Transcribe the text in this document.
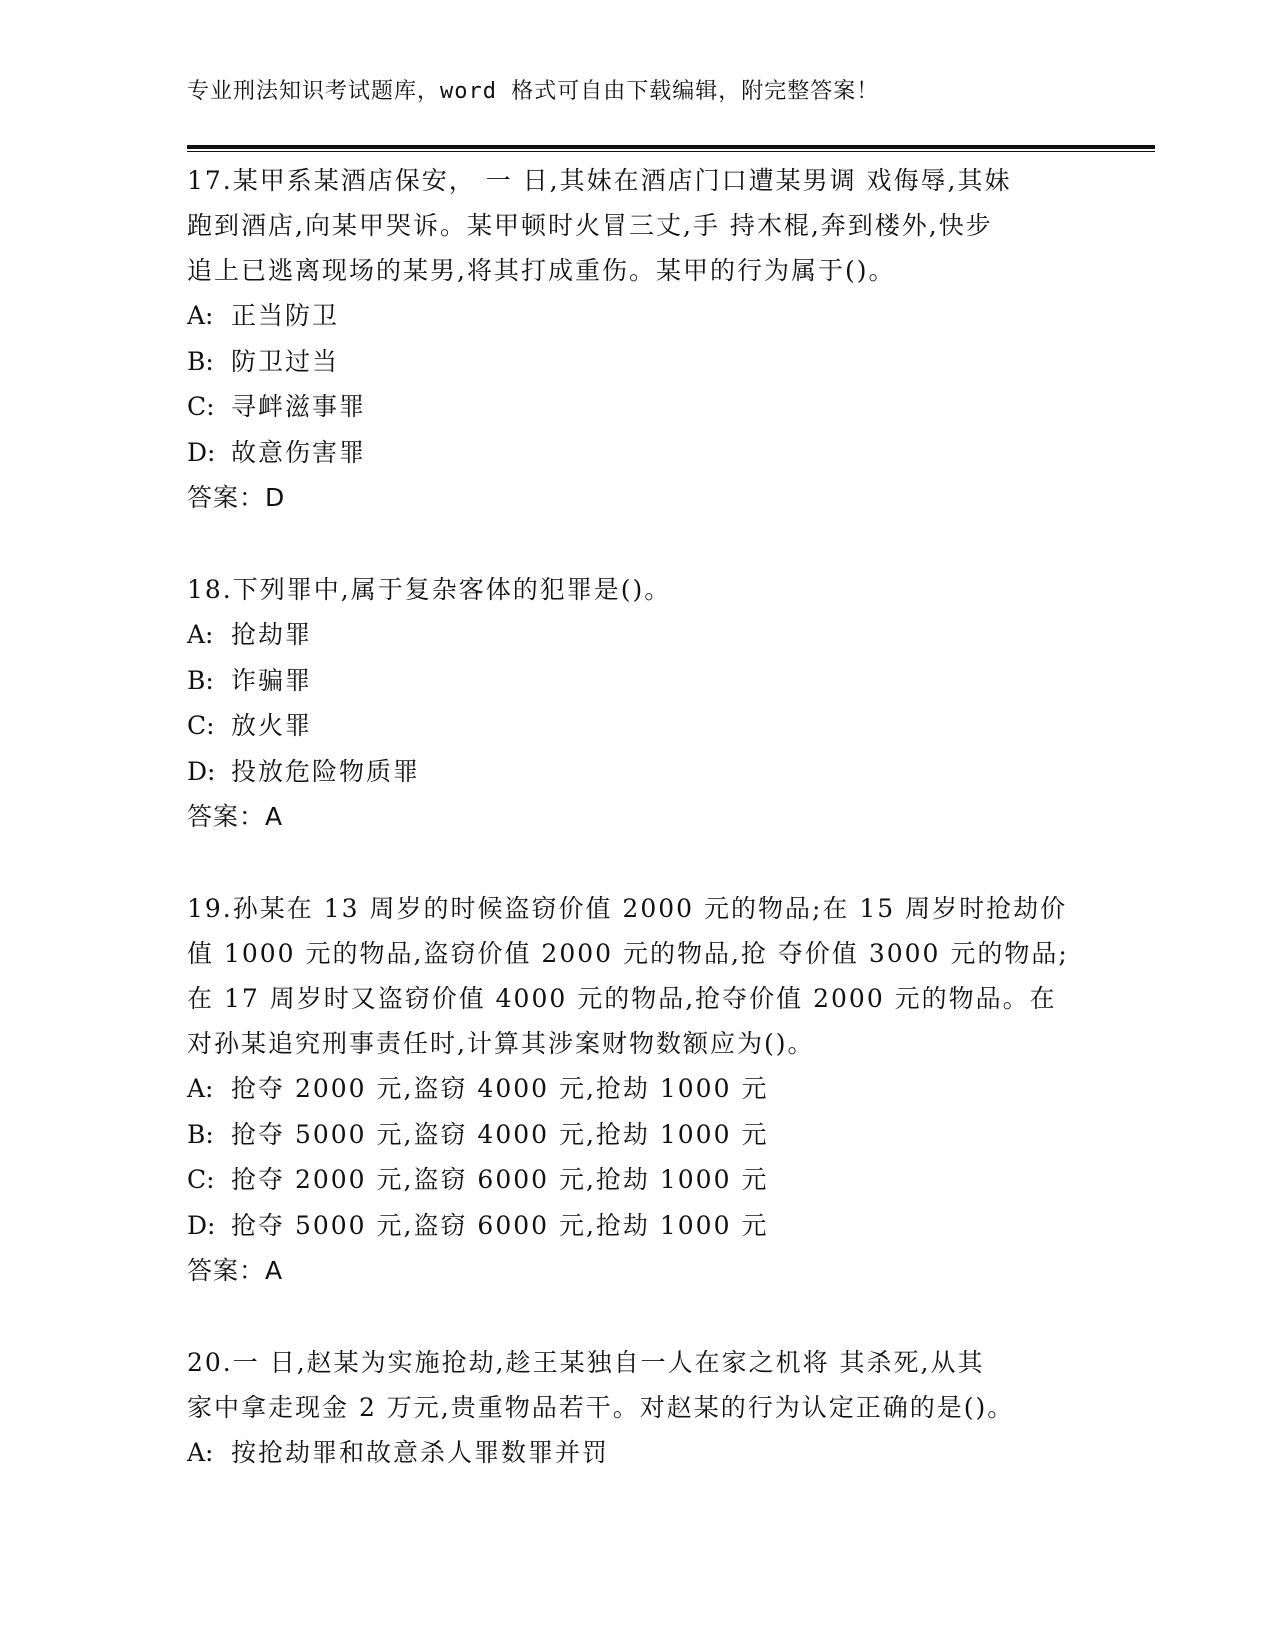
专业刑法知识考试题库，word 格式可自由下载编辑，附完整答案！
17.某甲系某酒店保安， 一 日,其妹在酒店门口遭某男调 戏侮辱,其妹
跑到酒店,向某甲哭诉。某甲顿时火冒三丈,手 持木棍,奔到楼外,快步
追上已逃离现场的某男,将其打成重伤。某甲的行为属于()。
A: 正当防卫
B: 防卫过当
C: 寻衅滋事罪
D: 故意伤害罪
答案：D
18.下列罪中,属于复杂客体的犯罪是()。
A: 抢劫罪
B: 诈骗罪
C: 放火罪
D: 投放危险物质罪
答案：A
19.孙某在 13 周岁的时候盗窃价值 2000 元的物品;在 15 周岁时抢劫价
值 1000 元的物品,盗窃价值 2000 元的物品,抢 夺价值 3000 元的物品;
在 17 周岁时又盗窃价值 4000 元的物品,抢夺价值 2000 元的物品。在
对孙某追究刑事责任时,计算其涉案财物数额应为()。
A: 抢夺 2000 元,盗窃 4000 元,抢劫 1000 元
B: 抢夺 5000 元,盗窃 4000 元,抢劫 1000 元
C: 抢夺 2000 元,盗窃 6000 元,抢劫 1000 元
D: 抢夺 5000 元,盗窃 6000 元,抢劫 1000 元
答案：A
20.一 日,赵某为实施抢劫,趁王某独自一人在家之机将 其杀死,从其
家中拿走现金 2 万元,贵重物品若干。对赵某的行为认定正确的是()。
A: 按抢劫罪和故意杀人罪数罪并罚
